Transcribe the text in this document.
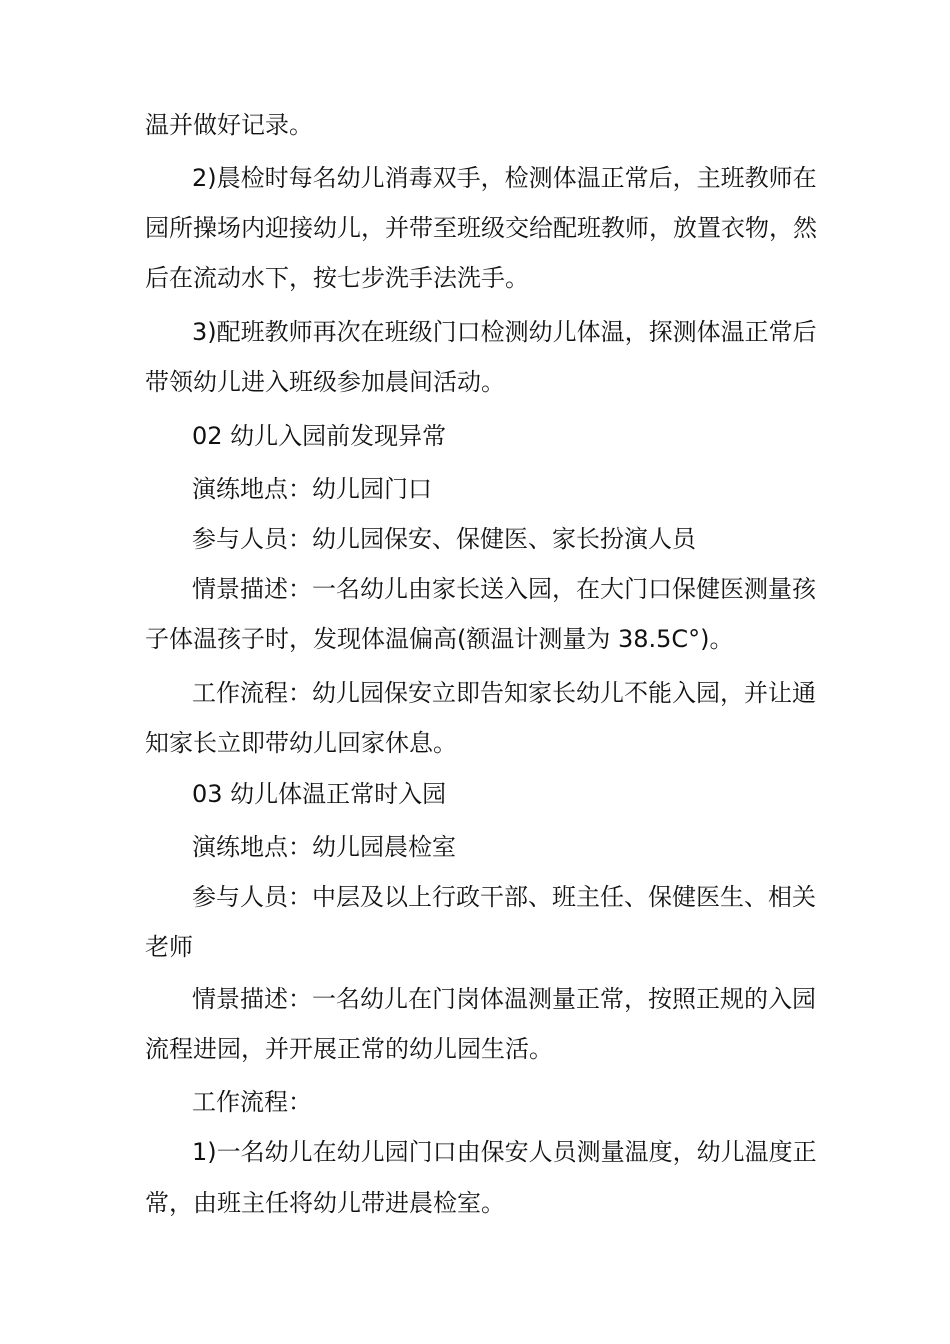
温并做好记录。

2)晨检时每名幼儿消毒双手，检测体温正常后，主班教师在

园所操场内迎接幼儿，并带至班级交给配班教师，放置衣物，然

后在流动水下，按七步洗手法洗手。

3)配班教师再次在班级门口检测幼儿体温，探测体温正常后

带领幼儿进入班级参加晨间活动。

02 幼儿入园前发现异常

演练地点：幼儿园门口

参与人员：幼儿园保安、保健医、家长扮演人员

情景描述：一名幼儿由家长送入园，在大门口保健医测量孩

子体温孩子时，发现体温偏高(额温计测量为 38.5C°)。

工作流程：幼儿园保安立即告知家长幼儿不能入园，并让通

知家长立即带幼儿回家休息。

03 幼儿体温正常时入园

演练地点：幼儿园晨检室

参与人员：中层及以上行政干部、班主任、保健医生、相关

老师

情景描述：一名幼儿在门岗体温测量正常，按照正规的入园

流程进园，并开展正常的幼儿园生活。

工作流程：

1)一名幼儿在幼儿园门口由保安人员测量温度，幼儿温度正

常，由班主任将幼儿带进晨检室。
